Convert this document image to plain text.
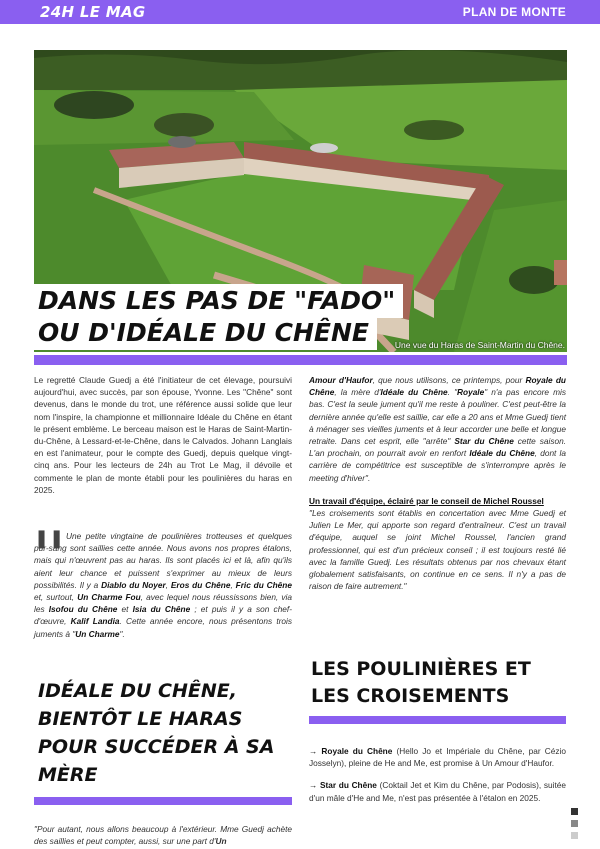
24H LE MAG	PLAN DE MONTE
Une vue du Haras de Saint-Martin du Chêne.
DANS LES PAS DE "FADO"
OU D'IDÉALE DU CHÊNE

Le regretté Claude Guedj a été l'initiateur de cet élevage, poursuivi aujourd'hui, avec succès, par son épouse, Yvonne. Les "Chêne" sont devenus, dans le monde du trot, une référence aussi solide que leur nom l'inspire, la championne et millionnaire Idéale du Chêne en étant le présent emblème. Le berceau maison est le Haras de Saint-Martin-du-Chêne, à Lessard-et-le-Chêne, dans le Calvados. Johann Langlais en est l'animateur, pour le compte des Guedj, depuis quelque vingt-cinq ans. Pour les lecteurs de 24h au Trot Le Mag, il dévoile et commente le plan de monte établi pour les poulinières du haras en 2025.

❚❚ Une petite vingtaine de poulinières trotteuses et quelques pur-sang sont saillies cette année. Nous avons nos propres étalons, mais qui n'œuvrent pas au haras. Ils sont placés ici et là, afin qu'ils aient leur chance et puissent s'exprimer au mieux de leurs possibilités. Il y a Diablo du Noyer, Eros du Chêne, Fric du Chêne et, surtout, Un Charme Fou, avec lequel nous réussissons bien, via les Isofou du Chêne et Isia du Chêne ; et puis il y a son chef-d'œuvre, Kalif Landia. Cette année encore, nous présentons trois juments à "Un Charme".

IDÉALE DU CHÊNE, BIENTÔT LE HARAS POUR SUCCÉDER À SA MÈRE
"Pour autant, nous allons beaucoup à l'extérieur. Mme Guedj achète des saillies et peut compter, aussi, sur une part d'Un

Amour d'Haufor, que nous utilisons, ce printemps, pour Royale du Chêne, la mère d'Idéale du Chêne. "Royale" n'a pas encore mis bas. C'est la seule jument qu'il me reste à pouliner. C'est peut-être la dernière année qu'elle est saillie, car elle a 20 ans et Mme Guedj tient à ménager ses vieilles juments et à leur accorder une belle et longue retraite. Dans cet esprit, elle "arrête" Star du Chêne cette saison. L'an prochain, on pourrait avoir en renfort Idéale du Chêne, dont la carrière de compétitrice est susceptible de s'interrompre après le meeting d'hiver".

Un travail d'équipe, éclairé par le conseil de Michel Roussel

"Les croisements sont établis en concertation avec Mme Guedj et Julien Le Mer, qui apporte son regard d'entraîneur. C'est un travail d'équipe, auquel se joint Michel Roussel, l'ancien grand professionnel, qui est d'un précieux conseil ; il est toujours resté lié avec la famille Guedj. Les résultats obtenus par nos chevaux étant globalement satisfaisants, on continue en ce sens. Il n'y a pas de raison de faire autrement."

LES POULINIÈRES ET LES CROISEMENTS

→ Royale du Chêne (Hello Jo et Impériale du Chêne, par Cézio Josselyn), pleine de He and Me, est promise à Un Amour d'Haufor.

→ Star du Chêne (Coktail Jet et Kim du Chêne, par Podosis), suitée d'un mâle d'He and Me, n'est pas présentée à l'étalon en 2025.
